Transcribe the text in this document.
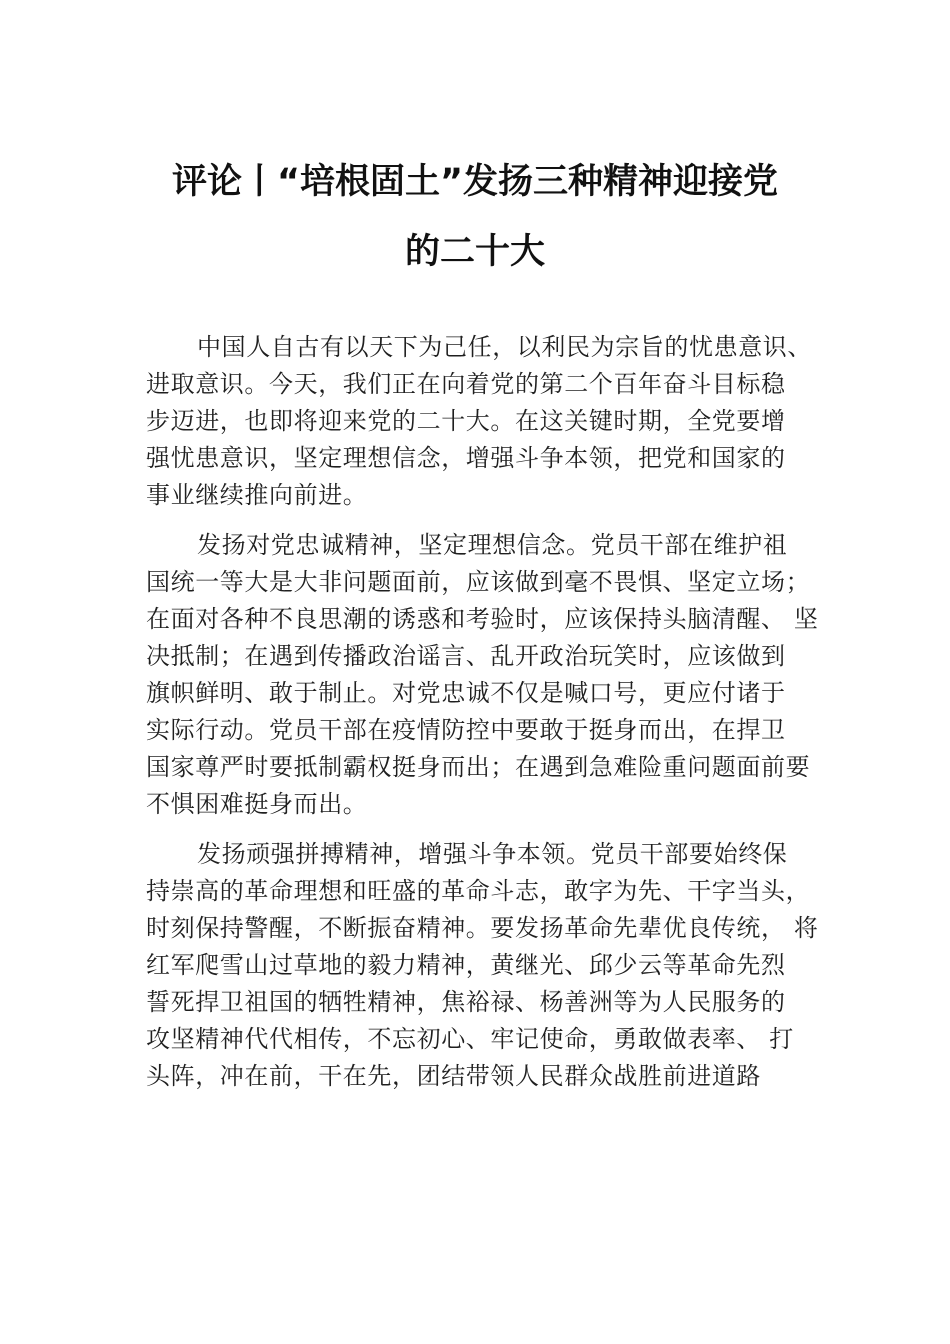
评论丨“培根固土”发扬三种精神迎接党
的二十大

中国人自古有以天下为己任，以利民为宗旨的忧患意识、

进取意识。今天，我们正在向着党的第二个百年奋斗目标稳

步迈进，也即将迎来党的二十大。在这关键时期，全党要增

强忧患意识，坚定理想信念，增强斗争本领，把党和国家的

事业继续推向前进。

发扬对党忠诚精神，坚定理想信念。党员干部在维护祖

国统一等大是大非问题面前，应该做到毫不畏惧、坚定立场；

在面对各种不良思潮的诱惑和考验时，应该保持头脑清醒、 坚

决抵制；在遇到传播政治谣言、乱开政治玩笑时，应该做到

旗帜鲜明、敢于制止。对党忠诚不仅是喊口号，更应付诸于

实际行动。党员干部在疫情防控中要敢于挺身而出，在捍卫

国家尊严时要抵制霸权挺身而出；在遇到急难险重问题面前要

不惧困难挺身而出。

发扬顽强拼搏精神，增强斗争本领。党员干部要始终保

持崇高的革命理想和旺盛的革命斗志，敢字为先、干字当头，

时刻保持警醒，不断振奋精神。要发扬革命先辈优良传统， 将

红军爬雪山过草地的毅力精神，黄继光、邱少云等革命先烈

誓死捍卫祖国的牺牲精神，焦裕禄、杨善洲等为人民服务的

攻坚精神代代相传，不忘初心、牢记使命，勇敢做表率、 打

头阵，冲在前，干在先，团结带领人民群众战胜前进道路
